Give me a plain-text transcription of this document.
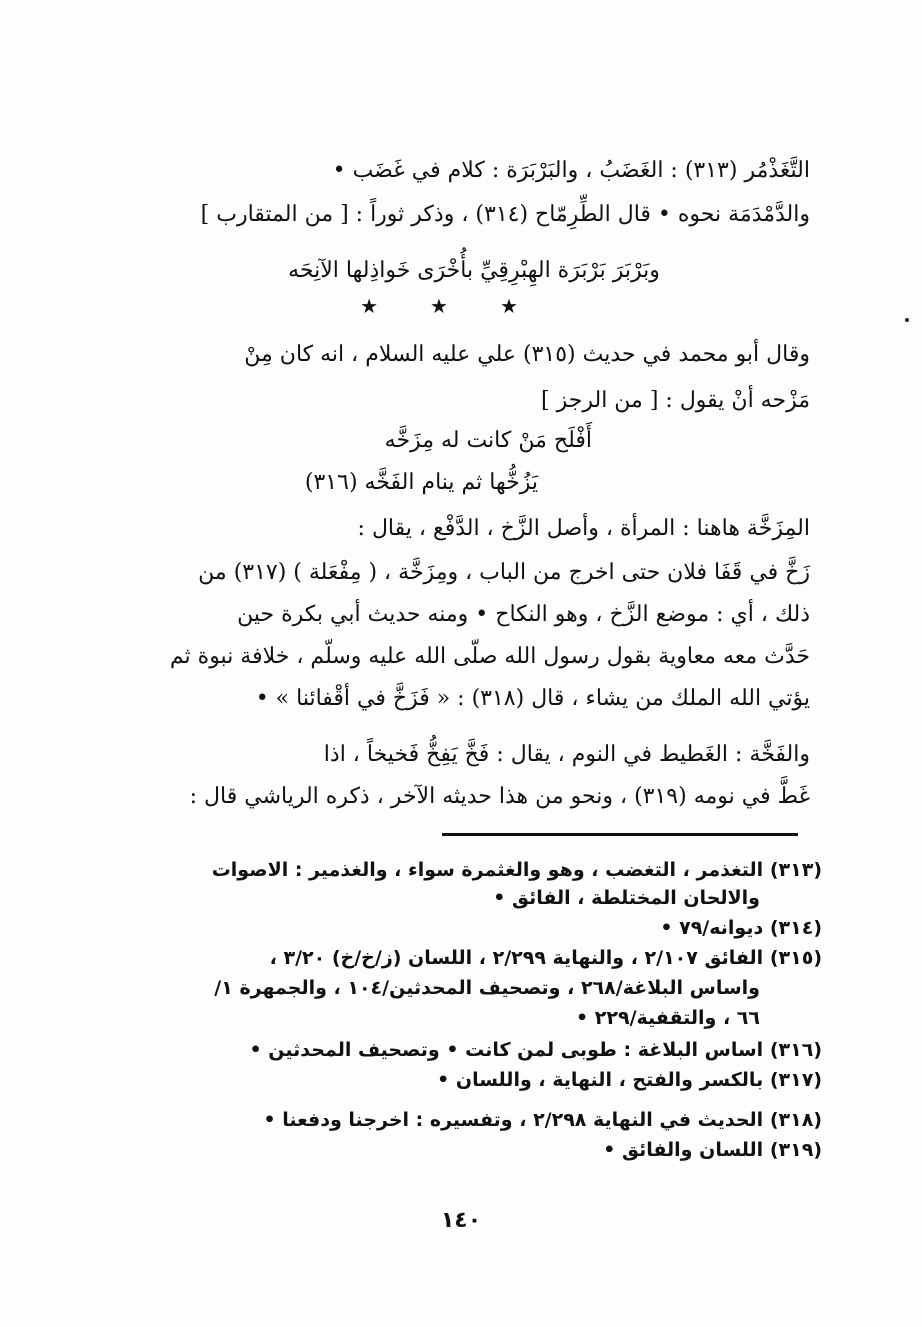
التَّغَذْمُر (٣١٣) : الغَضَبُ ، والبَرْبَرَة : كلام في غَضَب •
والدَّمْدَمَة نحوه • قال الطِّرِمّاح (٣١٤) ، وذكر ثوراً : [ من المتقارب ]
وبَرْبَرَ بَرْبَرَة الهِبْرِقِيِّ بأُخْرَى خَواذِلها الآنِحَه
★★★
وقال أبو محمد في حديث (٣١٥) علي عليه السلام ، انه كان مِنْ
مَزْحه أنْ يقول : [ من الرجز ]
أَفْلَح مَنْ كانت له مِزَخَّه
يَزُخُّها ثم ينام الفَخَّه (٣١٦)
المِزَخَّة هاهنا : المرأة ، وأصل الزَّخ ، الدَّفْع ، يقال :
زَخَّ في قَفَا فلان حتى اخرج من الباب ، ومِزَخَّة ، ( مِفْعَلة ) (٣١٧) من
ذلك ، أي : موضع الزَّخ ، وهو النكاح • ومنه حديث أبي بكرة حين
حَدَّث معه معاوية بقول رسول الله صلّى الله عليه وسلّم ، خلافة نبوة ثم
يؤتي الله الملك من يشاء ، قال (٣١٨) : « فَزَخَّ في أقْفائنا » •
والفَخَّة : الغَطيط في النوم ، يقال : فَخَّ يَفِخُّ فَخيخاً ، اذا
غَطَّ في نومه (٣١٩) ، ونحو من هذا حديثه الآخر ، ذكره الرياشي قال :
(٣١٣) التغذمر ، التغضب ، وهو والغثمرة سواء ، والغذمير : الاصوات
والالحان المختلطة ، الفائق •
(٣١٤) ديوانه/٧٩ •
(٣١٥) الفائق ٢/١٠٧ ، والنهاية ٢/٢٩٩ ، اللسان (ز/خ/خ) ٣/٢٠ ،
واساس البلاغة/٢٦٨ ، وتصحيف المحدثين/١٠٤ ، والجمهرة ١/
٦٦ ، والتقفية/٢٢٩ •
(٣١٦) اساس البلاغة : طوبى لمن كانت • وتصحيف المحدثين •
(٣١٧) بالكسر والفتح ، النهاية ، واللسان •
(٣١٨) الحديث في النهاية ٢/٢٩٨ ، وتفسيره : اخرجنا ودفعنا •
(٣١٩) اللسان والفائق •
١٤٠
